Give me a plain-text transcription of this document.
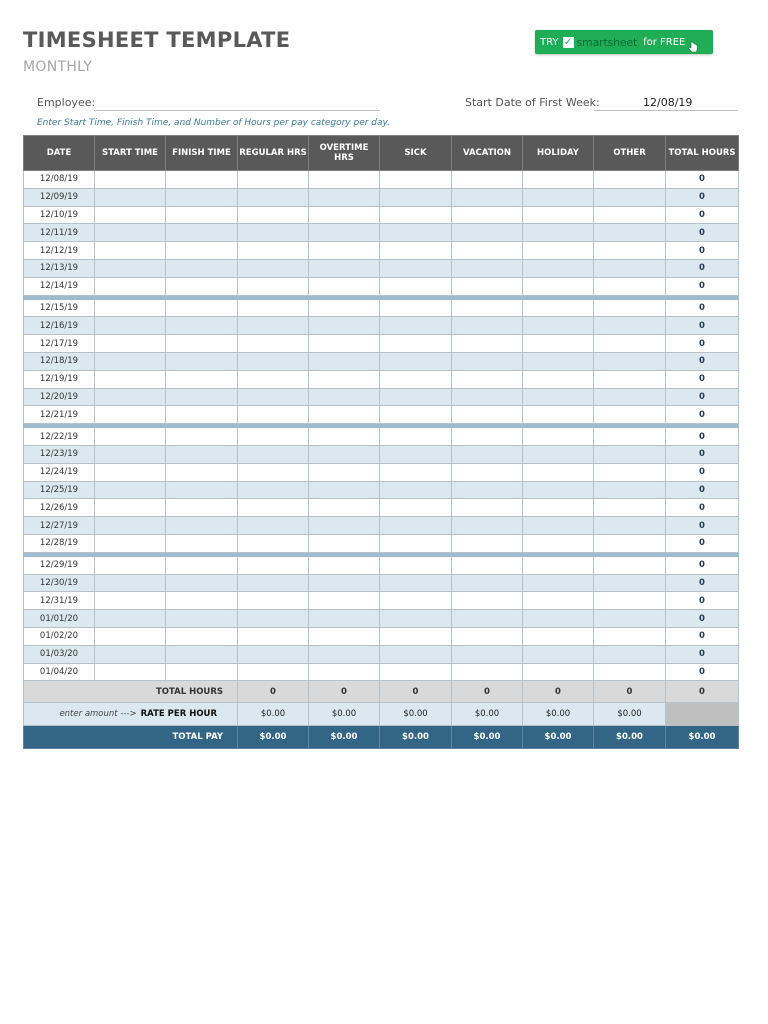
TIMESHEET TEMPLATE
MONTHLY
TRY ✓ smartsheet for FREE
Employee:	Start Date of First Week:	12/08/19
Enter Start Time, Finish Time, and Number of Hours per pay category per day.
DATE	START TIME	FINISH TIME	REGULAR HRS	OVERTIME HRS	SICK	VACATION	HOLIDAY	OTHER	TOTAL HOURS
12/08/19									0
12/09/19									0
12/10/19									0
12/11/19									0
12/12/19									0
12/13/19									0
12/14/19									0

12/15/19									0
12/16/19									0
12/17/19									0
12/18/19									0
12/19/19									0
12/20/19									0
12/21/19									0

12/22/19									0
12/23/19									0
12/24/19									0
12/25/19									0
12/26/19									0
12/27/19									0
12/28/19									0

12/29/19									0
12/30/19									0
12/31/19									0
01/01/20									0
01/02/20									0
01/03/20									0
01/04/20									0
TOTAL HOURS			0	0	0	0	0	0	0
enter amount ---> RATE PER HOUR			$0.00	$0.00	$0.00	$0.00	$0.00	$0.00	
TOTAL PAY			$0.00	$0.00	$0.00	$0.00	$0.00	$0.00	$0.00
